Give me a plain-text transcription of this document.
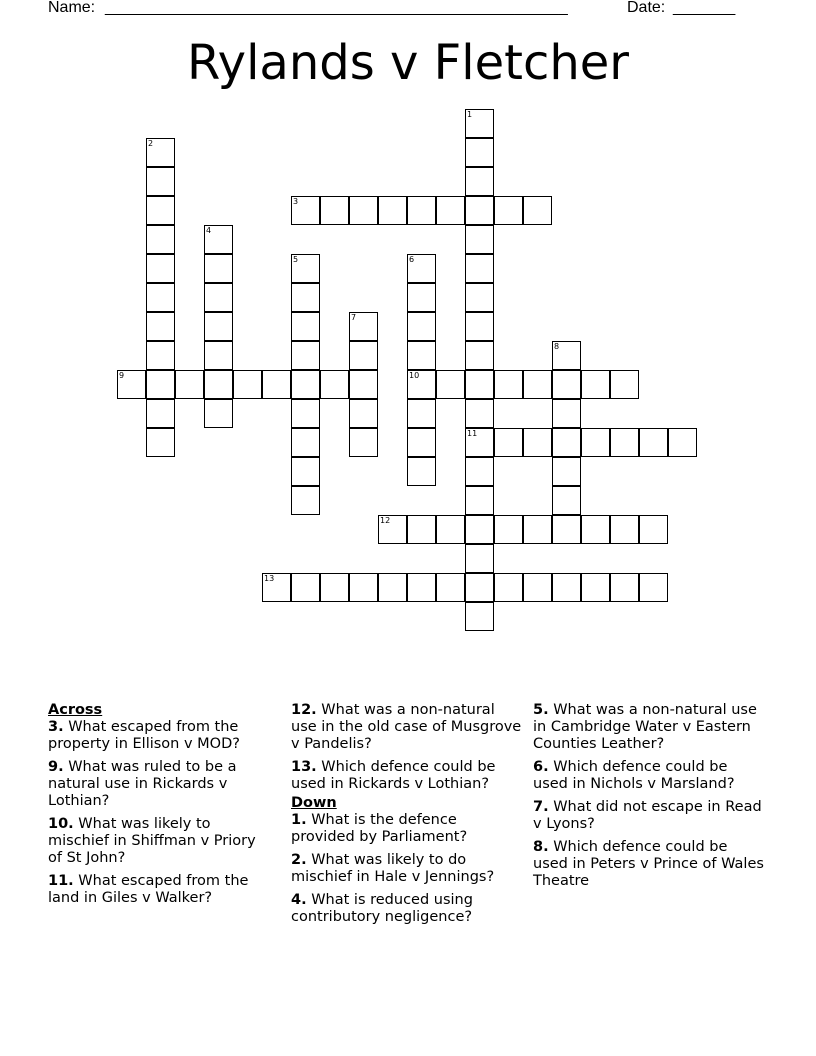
Name: ____________________________________________________	Date: _______
Rylands v Fletcher
1
11
2
3
4
5	6
10
7
8
9
12
13

Across

3. What escaped from the property in Ellison v MOD?

9. What was ruled to be a natural use in Rickards v Lothian?

10. What was likely to mischief in Shiffman v Priory of St John?

11. What escaped from the land in Giles v Walker?

12. What was a non-natural use in the old case of Musgrove v Pandelis?

13. Which defence could be used in Rickards v Lothian?

Down

1. What is the defence provided by Parliament?

2. What was likely to do mischief in Hale v Jennings?

4. What is reduced using contributory negligence?

5. What was a non-natural use in Cambridge Water v Eastern Counties Leather?

6. Which defence could be used in Nichols v Marsland?

7. What did not escape in Read v Lyons?

8. Which defence could be used in Peters v Prince of Wales Theatre
